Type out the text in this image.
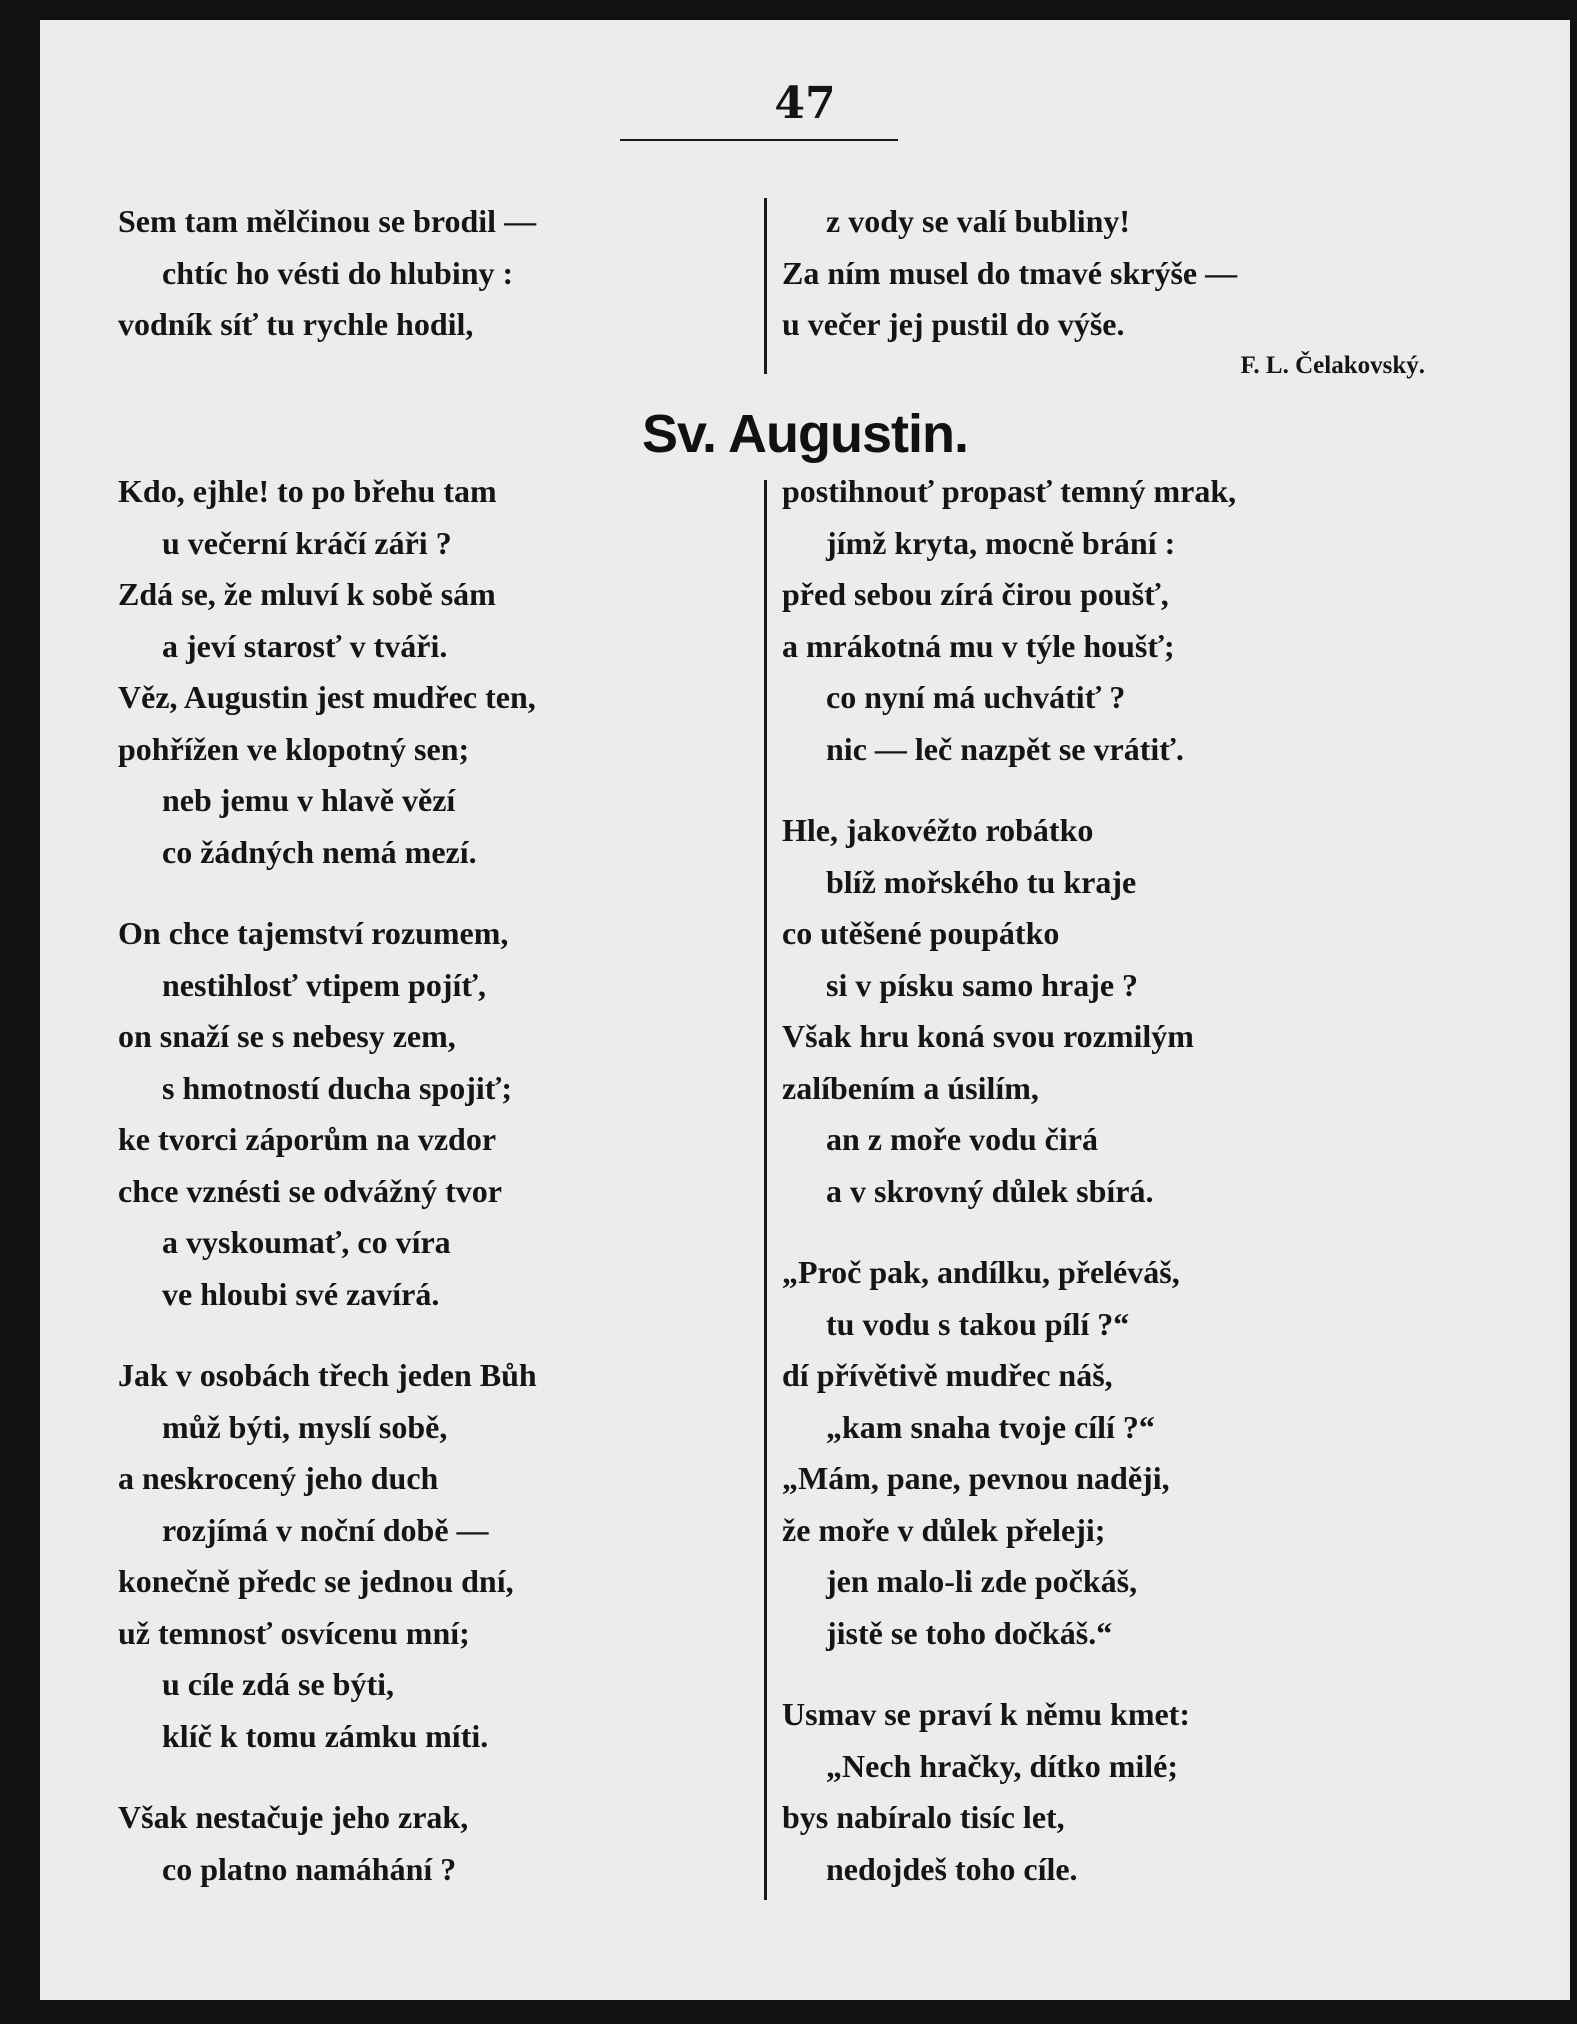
47
Sem tam mělčinou se brodil —
chtíc ho vésti do hlubiny :
vodník síť tu rychle hodil,
z vody se valí bubliny!
Za ním musel do tmavé skrýše —
u večer jej pustil do výše.
F. L. Čelakovský.
Sv. Augustin.
Kdo, ejhle! to po břehu tam
u večerní kráčí záři ?
Zdá se, že mluví k sobě sám
a jeví starosť v tváři.
Věz, Augustin jest mudřec ten,
pohřížen ve klopotný sen;
neb jemu v hlavě vězí
co žádných nemá mezí.
On chce tajemství rozumem,
nestihlosť vtipem pojíť,
on snaží se s nebesy zem,
s hmotností ducha spojiť;
ke tvorci záporům na vzdor
chce vznésti se odvážný tvor
a vyskoumať, co víra
ve hloubi své zavírá.
Jak v osobách třech jeden Bůh
můž býti, myslí sobě,
a neskrocený jeho duch
rozjímá v noční době —
konečně předc se jednou dní,
už temnosť osvícenu mní;
u cíle zdá se býti,
klíč k tomu zámku míti.
Však nestačuje jeho zrak,
co platno namáhání ?
postihnouť propasť temný mrak,
jímž kryta, mocně brání :
před sebou zírá čirou poušť,
a mrákotná mu v týle houšť;
co nyní má uchvátiť ?
nic — leč nazpět se vrátiť.
Hle, jakovéžto robátko
blíž mořského tu kraje
co utěšené poupátko
si v písku samo hraje ?
Však hru koná svou rozmilým
zalíbením a úsilím,
an z moře vodu čirá
a v skrovný důlek sbírá.
„Proč pak, andílku, přeléváš,
tu vodu s takou pílí ?“
dí přívětivě mudřec náš,
„kam snaha tvoje cílí ?“
„Mám, pane, pevnou naději,
že moře v důlek přeleji;
jen malo-li zde počkáš,
jistě se toho dočkáš.“
Usmav se praví k němu kmet:
„Nech hračky, dítko milé;
bys nabíralo tisíc let,
nedojdeš toho cíle.
